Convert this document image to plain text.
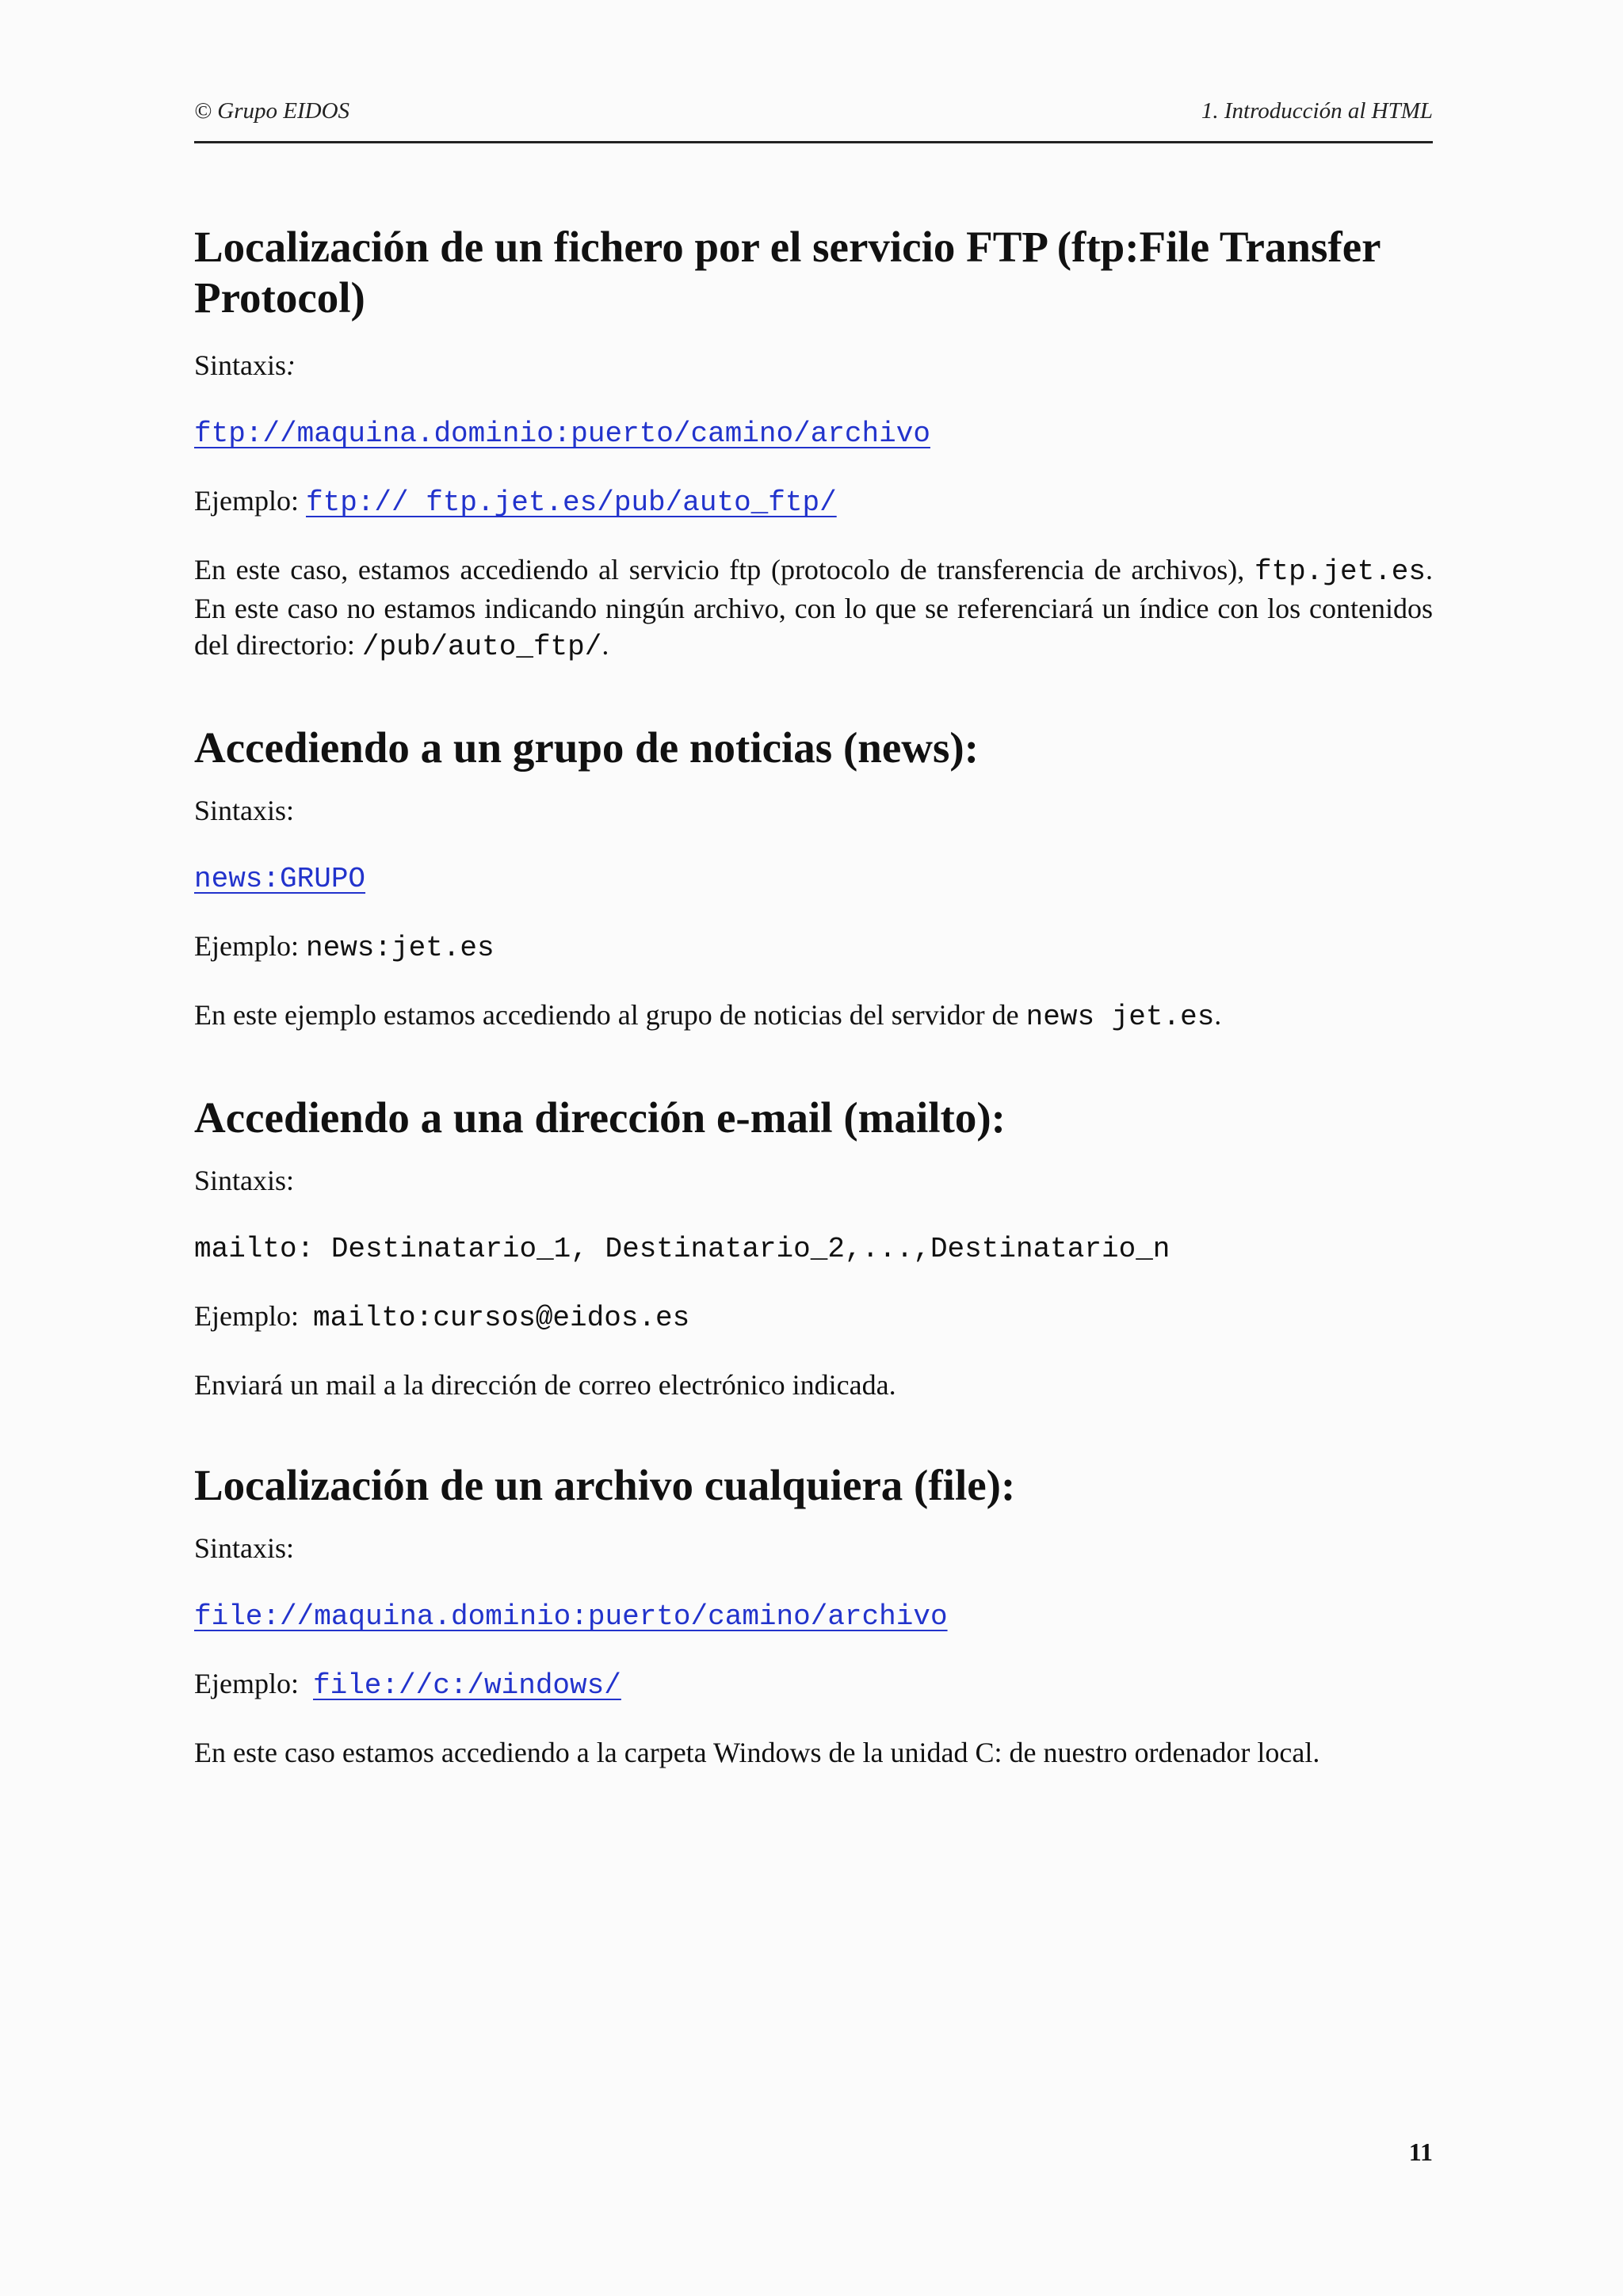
© Grupo EIDOS	1. Introducción al HTML
Localización de un fichero por el servicio FTP (ftp:File Transfer Protocol)

Sintaxis:

ftp://maquina.dominio:puerto/camino/archivo

Ejemplo: ftp:// ftp.jet.es/pub/auto_ftp/

En este caso, estamos accediendo al servicio ftp (protocolo de transferencia de archivos), ftp.jet.es. En este caso no estamos indicando ningún archivo, con lo que se referenciará un índice con los contenidos del directorio: /pub/auto_ftp/.

Accediendo a un grupo de noticias (news):

Sintaxis:

news:GRUPO

Ejemplo: news:jet.es

En este ejemplo estamos accediendo al grupo de noticias del servidor de news jet.es.

Accediendo a una dirección e-mail (mailto):

Sintaxis:

mailto: Destinatario_1, Destinatario_2,...,Destinatario_n

Ejemplo:  mailto:cursos@eidos.es

Enviará un mail a la dirección de correo electrónico indicada.

Localización de un archivo cualquiera (file):

Sintaxis:

file://maquina.dominio:puerto/camino/archivo

Ejemplo:  file://c:/windows/

En este caso estamos accediendo a la carpeta Windows de la unidad C: de nuestro ordenador local.

11
